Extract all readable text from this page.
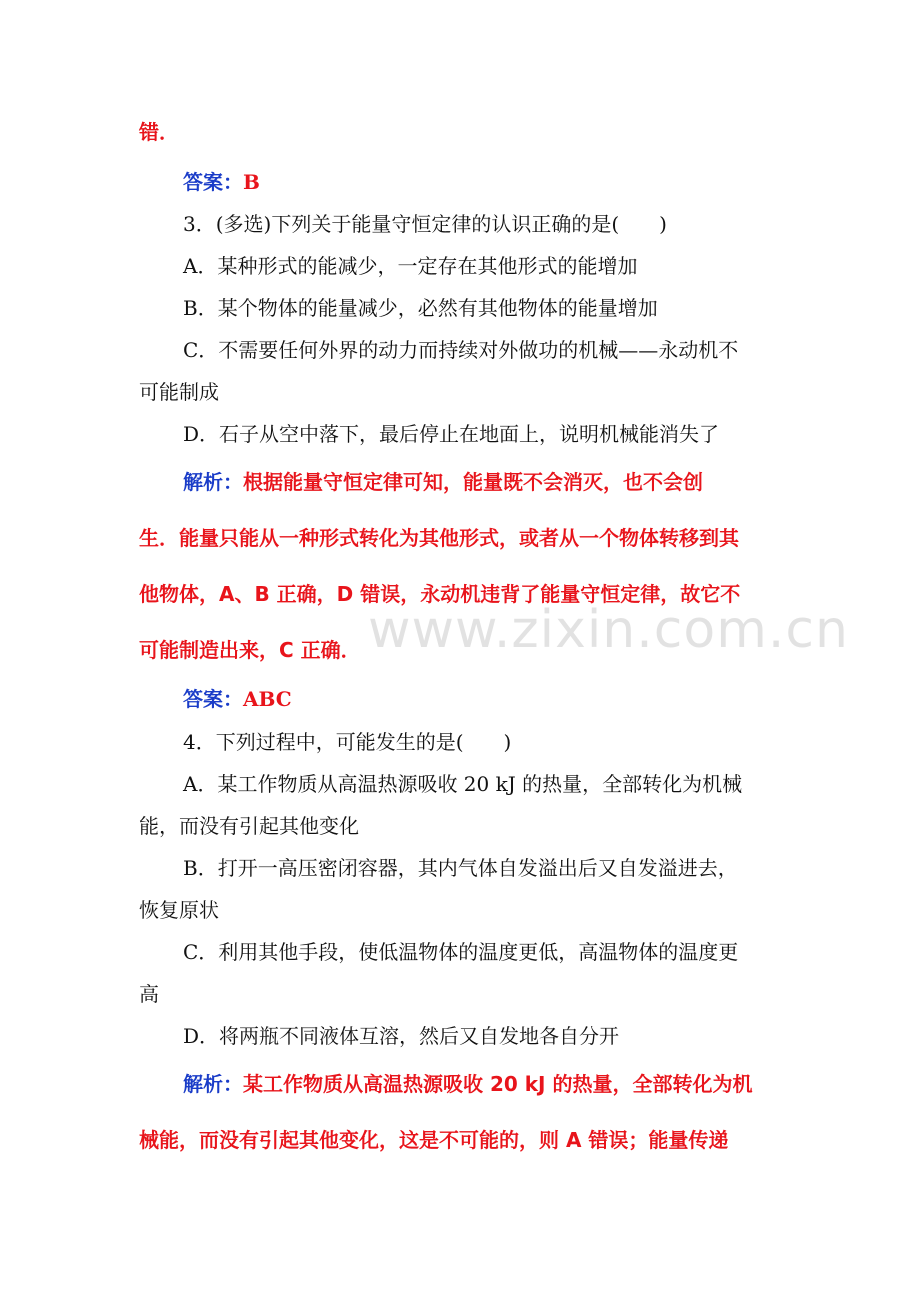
www.zixin.com.cn
错．
答案：B
3．(多选)下列关于能量守恒定律的认识正确的是(　　)
A．某种形式的能减少，一定存在其他形式的能增加
B．某个物体的能量减少，必然有其他物体的能量增加
C．不需要任何外界的动力而持续对外做功的机械——永动机不
可能制成
D．石子从空中落下，最后停止在地面上，说明机械能消失了
解析：根据能量守恒定律可知，能量既不会消灭，也不会创
生．能量只能从一种形式转化为其他形式，或者从一个物体转移到其
他物体，A、B 正确，D 错误，永动机违背了能量守恒定律，故它不
可能制造出来，C 正确．
答案：ABC
4．下列过程中，可能发生的是(　　)
A．某工作物质从高温热源吸收 20 kJ 的热量，全部转化为机械
能，而没有引起其他变化
B．打开一高压密闭容器，其内气体自发溢出后又自发溢进去，
恢复原状
C．利用其他手段，使低温物体的温度更低，高温物体的温度更
高
D．将两瓶不同液体互溶，然后又自发地各自分开
解析：某工作物质从高温热源吸收 20 kJ 的热量，全部转化为机
械能，而没有引起其他变化，这是不可能的，则 A 错误；能量传递
